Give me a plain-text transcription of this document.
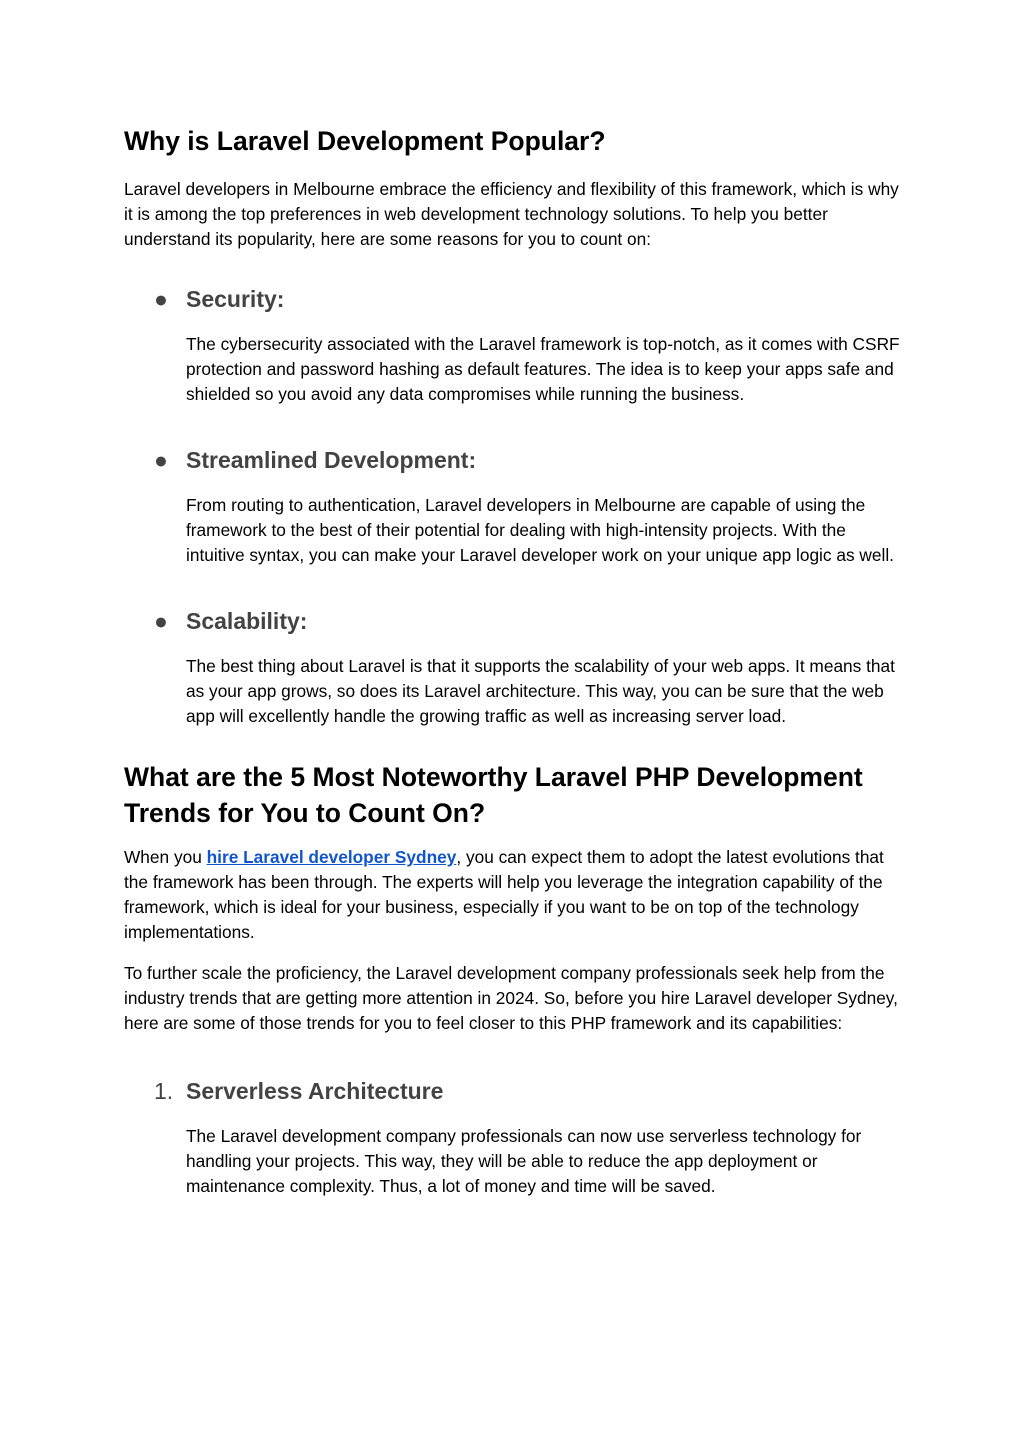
Why is Laravel Development Popular?

Laravel developers in Melbourne embrace the efficiency and flexibility of this framework, which is why it is among the top preferences in web development technology solutions. To help you better understand its popularity, here are some reasons for you to count on:

● Security:

The cybersecurity associated with the Laravel framework is top-notch, as it comes with CSRF protection and password hashing as default features. The idea is to keep your apps safe and shielded so you avoid any data compromises while running the business.

● Streamlined Development:

From routing to authentication, Laravel developers in Melbourne are capable of using the framework to the best of their potential for dealing with high-intensity projects. With the intuitive syntax, you can make your Laravel developer work on your unique app logic as well.

● Scalability:

The best thing about Laravel is that it supports the scalability of your web apps. It means that as your app grows, so does its Laravel architecture. This way, you can be sure that the web app will excellently handle the growing traffic as well as increasing server load.

What are the 5 Most Noteworthy Laravel PHP Development Trends for You to Count On?

When you hire Laravel developer Sydney, you can expect them to adopt the latest evolutions that the framework has been through. The experts will help you leverage the integration capability of the framework, which is ideal for your business, especially if you want to be on top of the technology implementations.

To further scale the proficiency, the Laravel development company professionals seek help from the industry trends that are getting more attention in 2024. So, before you hire Laravel developer Sydney, here are some of those trends for you to feel closer to this PHP framework and its capabilities:

1. Serverless Architecture

The Laravel development company professionals can now use serverless technology for handling your projects. This way, they will be able to reduce the app deployment or maintenance complexity. Thus, a lot of money and time will be saved.
